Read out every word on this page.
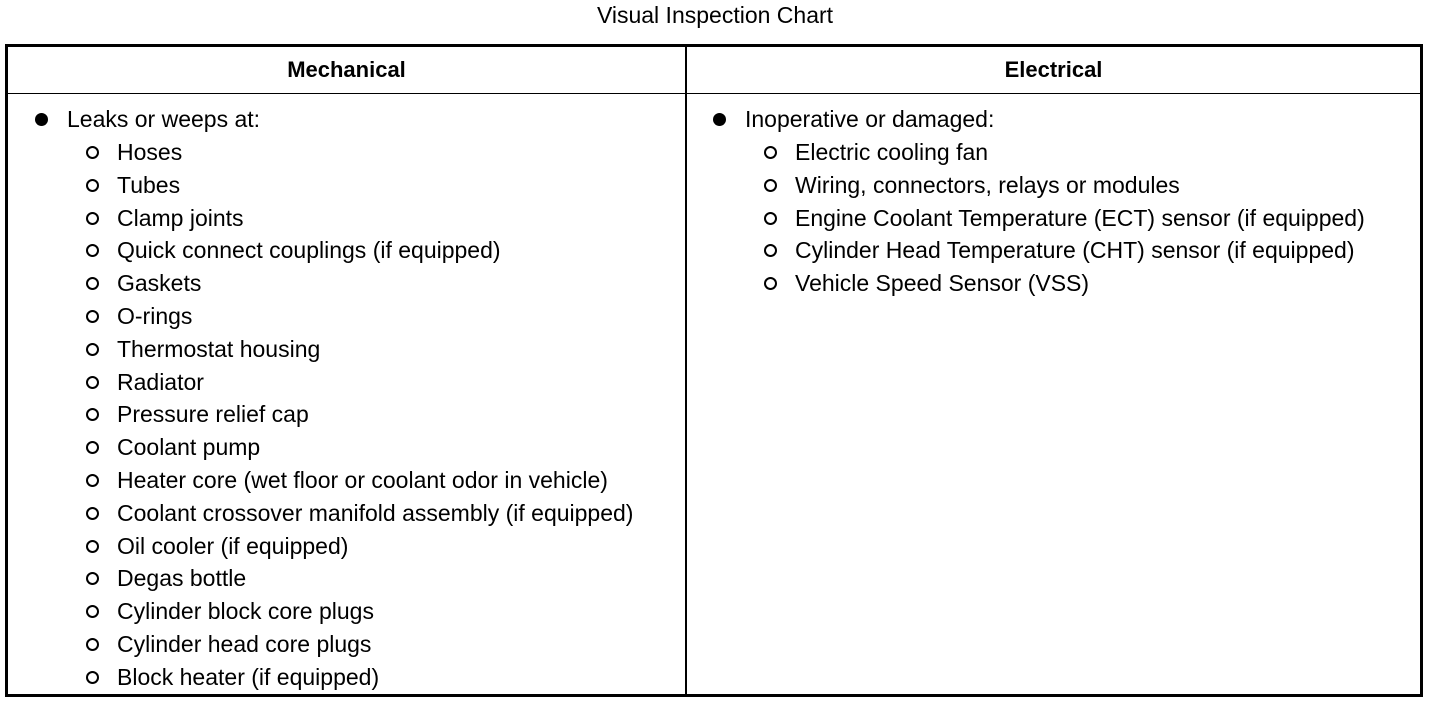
Visual Inspection Chart
Mechanical	Electrical
Leaks or weeps at:
Hoses
Tubes
Clamp joints
Quick connect couplings (if equipped)
Gaskets
O-rings
Thermostat housing
Radiator
Pressure relief cap
Coolant pump
Heater core (wet floor or coolant odor in vehicle)
Coolant crossover manifold assembly (if equipped)
Oil cooler (if equipped)
Degas bottle
Cylinder block core plugs
Cylinder head core plugs
Block heater (if equipped)
Inoperative or damaged:
Electric cooling fan
Wiring, connectors, relays or modules
Engine Coolant Temperature (ECT) sensor (if equipped)
Cylinder Head Temperature (CHT) sensor (if equipped)
Vehicle Speed Sensor (VSS)
